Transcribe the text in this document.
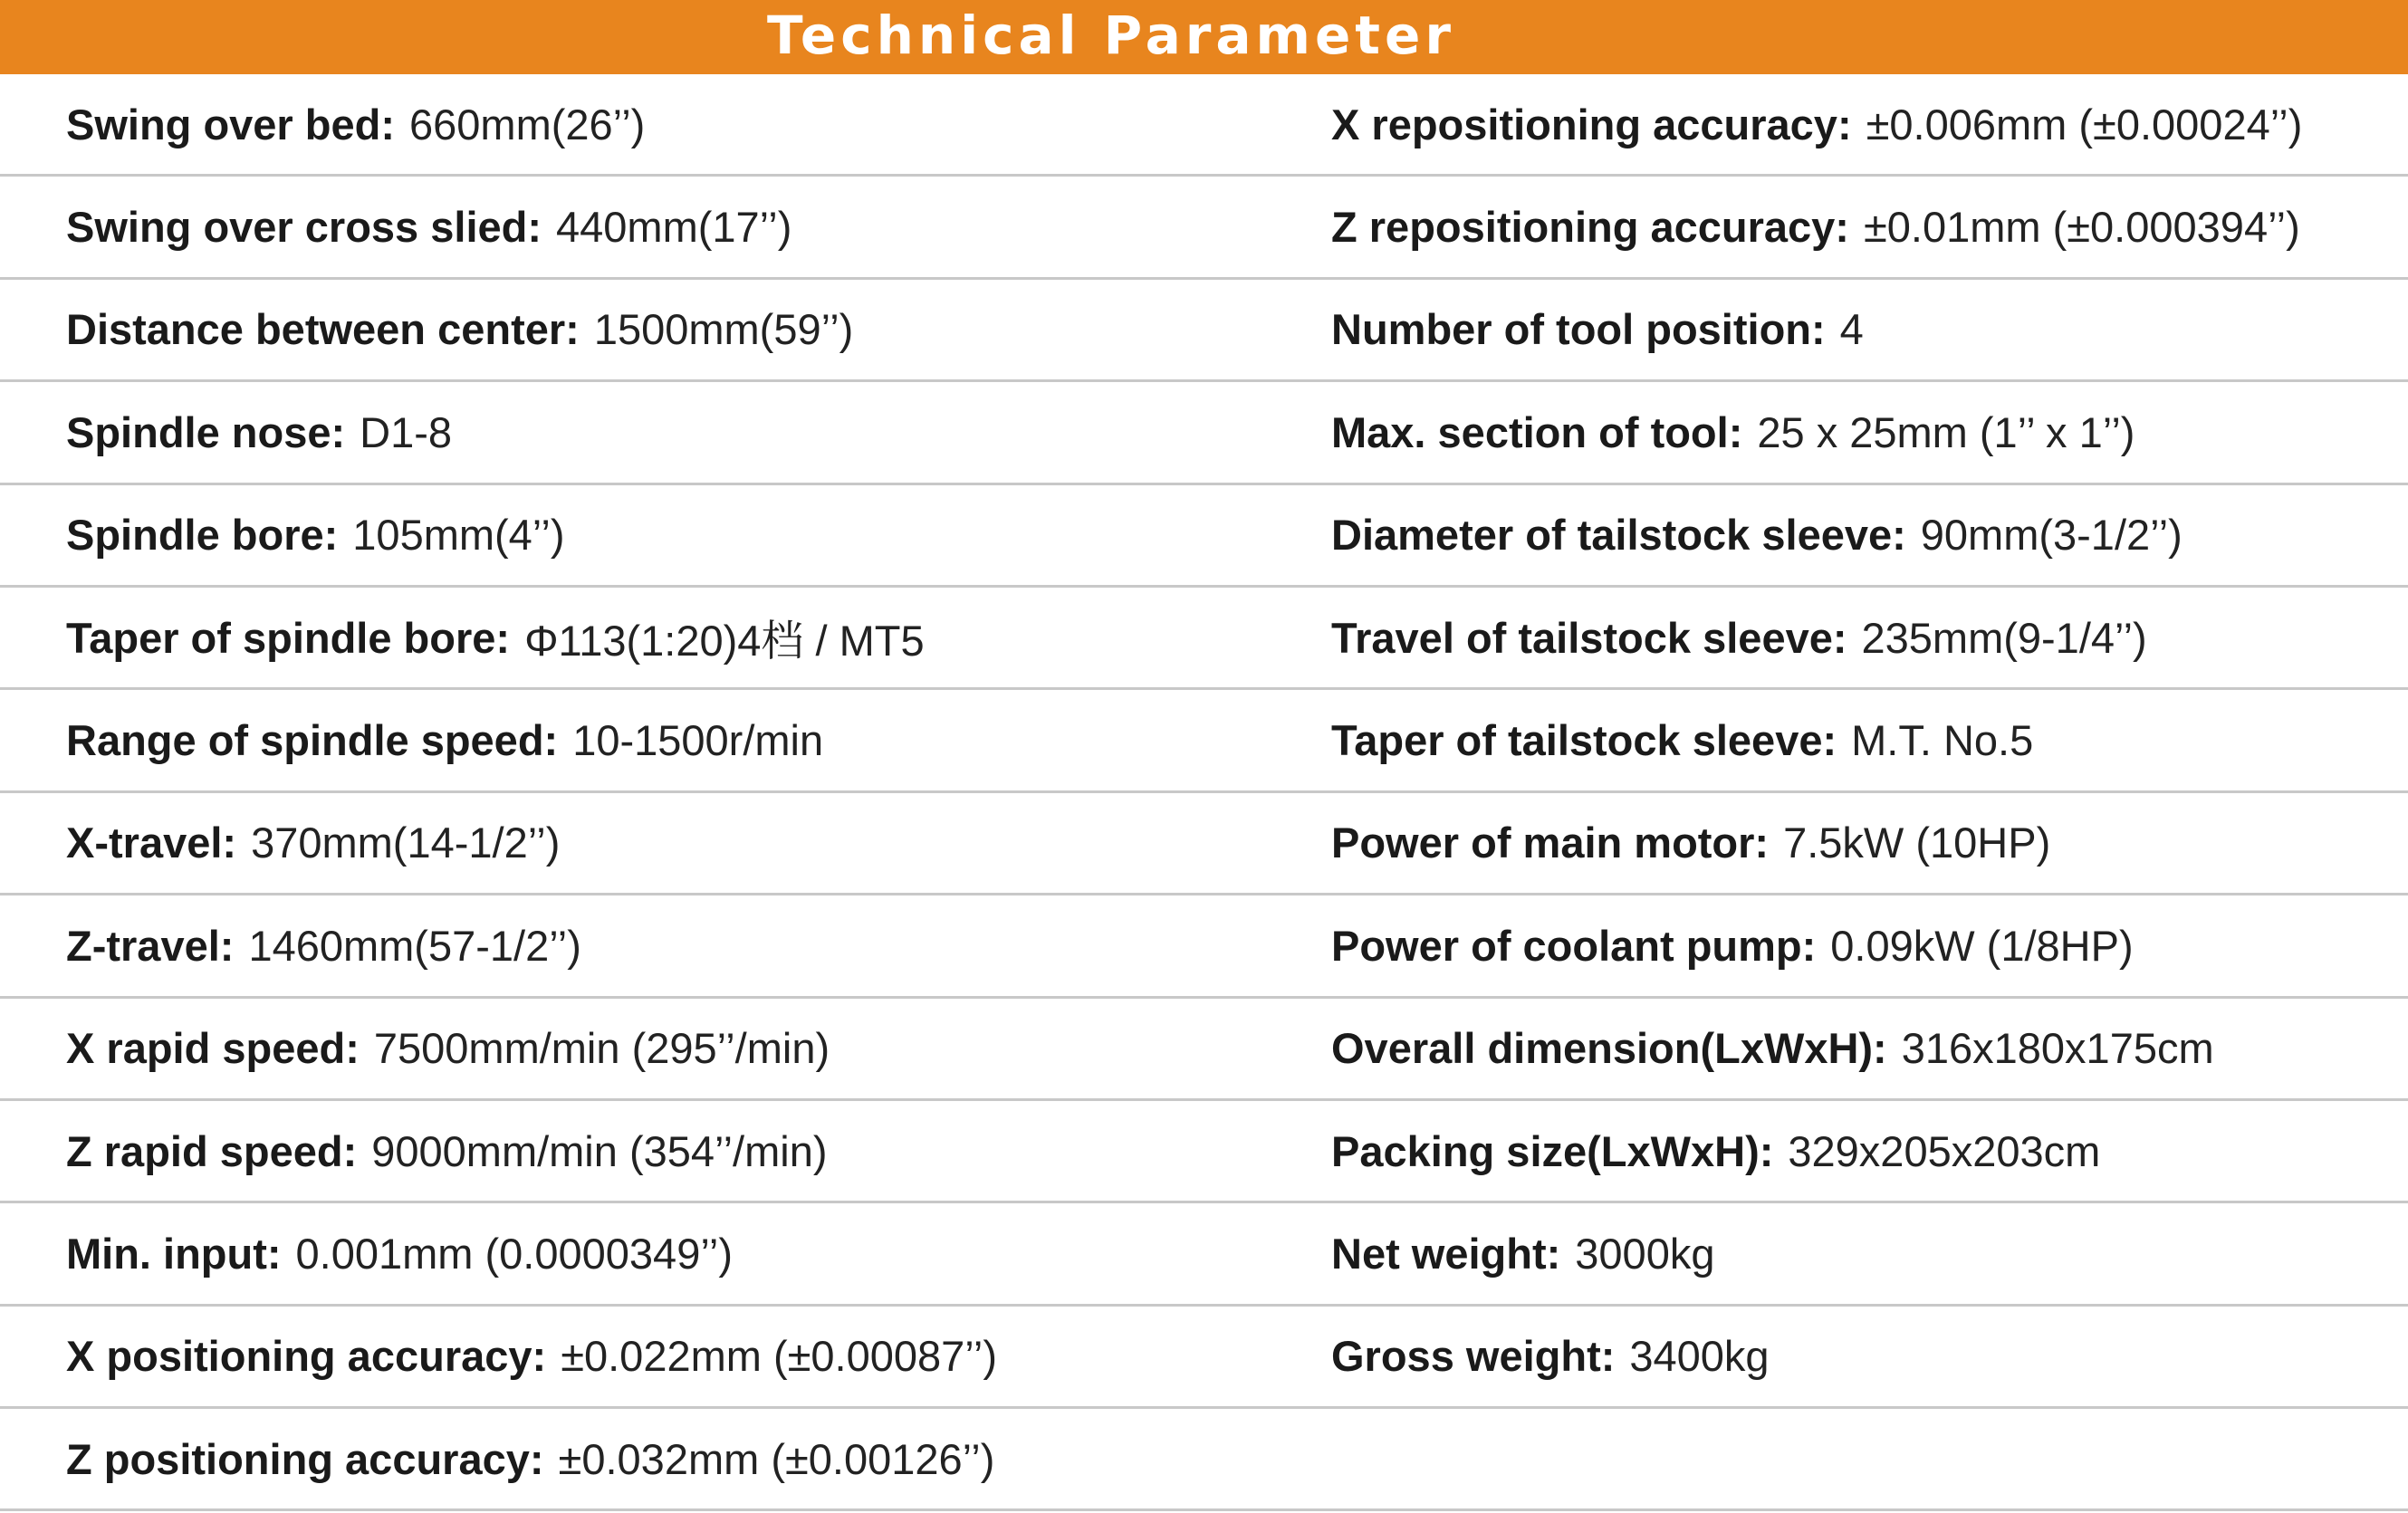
Technical Parameter
Swing over bed: 660mm(26’’)	X repositioning accuracy: ±0.006mm (±0.00024’’)
Swing over cross slied: 440mm(17’’)	Z repositioning accuracy: ±0.01mm (±0.000394’’)
Distance between center: 1500mm(59’’)	Number of tool position: 4
Spindle nose: D1-8	Max. section of tool: 25 x 25mm (1’’ x 1’’)
Spindle bore: 105mm(4’’)	Diameter of tailstock sleeve: 90mm(3-1/2’’)
Taper of spindle bore: Φ113(1:20)4档 / MT5	Travel of tailstock sleeve: 235mm(9-1/4’’)
Range of spindle speed: 10-1500r/min	Taper of tailstock sleeve: M.T. No.5
X-travel: 370mm(14-1/2’’)	Power of main motor: 7.5kW (10HP)
Z-travel: 1460mm(57-1/2’’)	Power of coolant pump: 0.09kW (1/8HP)
X rapid speed: 7500mm/min (295’’/min)	Overall dimension(LxWxH): 316x180x175cm
Z rapid speed: 9000mm/min (354’’/min)	Packing size(LxWxH): 329x205x203cm
Min. input: 0.001mm (0.0000349’’)	Net weight: 3000kg
X positioning accuracy: ±0.022mm (±0.00087’’)	Gross weight: 3400kg
Z positioning accuracy: ±0.032mm (±0.00126’’)
